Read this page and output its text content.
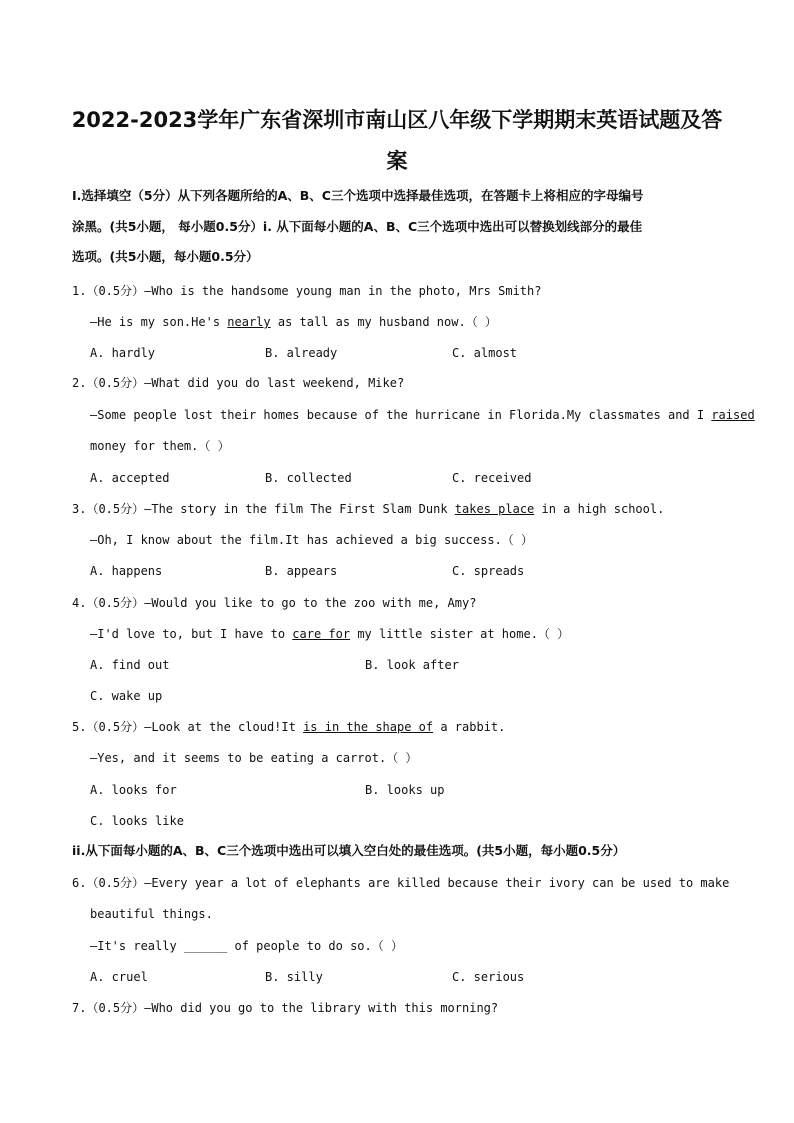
2022-2023学年广东省深圳市南山区八年级下学期期末英语试题及答
案
Ⅰ.选择填空（5分）从下列各题所给的A、B、C三个选项中选择最佳选项，在答题卡上将相应的字母编号
涂黑。(共5小题， 每小题0.5分）i. 从下面每小题的A、B、C三个选项中选出可以替换划线部分的最佳
选项。(共5小题，每小题0.5分）
1.（0.5分）—Who is the handsome young man in the photo, Mrs Smith?
—He is my son.He's nearly as tall as my husband now.（ ）
A. hardly	B. already	C. almost
2.（0.5分）—What did you do last weekend, Mike?
—Some people lost their homes because of the hurricane in Florida.My classmates and I raised
money for them.（ ）
A. accepted	B. collected	C. received
3.（0.5分）—The story in the film The First Slam Dunk takes place in a high school.
—Oh, I know about the film.It has achieved a big success.（ ）
A. happens	B. appears	C. spreads
4.（0.5分）—Would you like to go to the zoo with me, Amy?
—I'd love to, but I have to care for my little sister at home.（ ）
A. find out	B. look after
C. wake up
5.（0.5分）—Look at the cloud!It is in the shape of a rabbit.
—Yes, and it seems to be eating a carrot.（ ）
A. looks for	B. looks up
C. looks like
ii.从下面每小题的A、B、C三个选项中选出可以填入空白处的最佳选项。(共5小题，每小题0.5分）
6.（0.5分）—Every year a lot of elephants are killed because their ivory can be used to make
beautiful things.
—It's really ______ of people to do so.（ ）
A. cruel	B. silly	C. serious
7.（0.5分）—Who did you go to the library with this morning?
